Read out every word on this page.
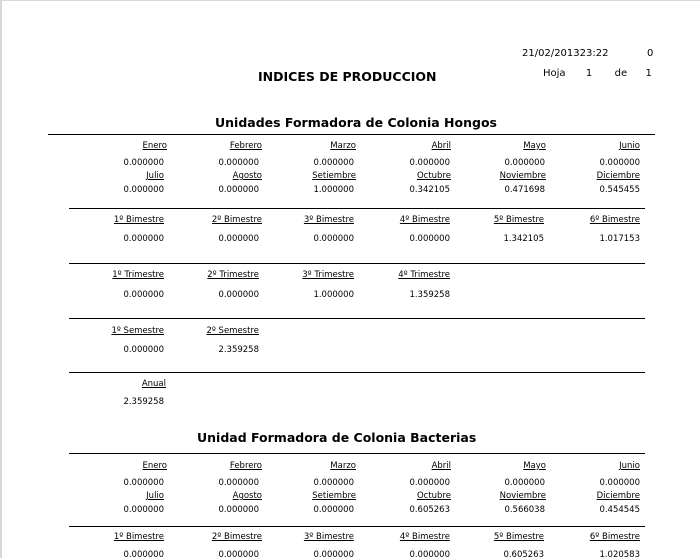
21/02/201323:22	0
INDICES DE PRODUCCION	Hoja 1 de 1
Unidades Formadora de Colonia Hongos
Enero	Febrero	Marzo	Abril	Mayo	Junio
0.000000	0.000000	0.000000	0.000000	0.000000	0.000000
Julio	Agosto	Setiembre	Octubre	Noviembre	Diciembre
0.000000	0.000000	1.000000	0.342105	0.471698	0.545455
1º Bimestre	2º Bimestre	3º Bimestre	4º Bimestre	5º Bimestre	6º Bimestre
0.000000	0.000000	0.000000	0.000000	1.342105	1.017153
1º Trimestre	2º Trimestre	3º Trimestre	4º Trimestre
0.000000	0.000000	1.000000	1.359258
1º Semestre	2º Semestre
0.000000	2.359258
Anual
2.359258
Unidad Formadora de Colonia Bacterias
Enero	Febrero	Marzo	Abril	Mayo	Junio
0.000000	0.000000	0.000000	0.000000	0.000000	0.000000
Julio	Agosto	Setiembre	Octubre	Noviembre	Diciembre
0.000000	0.000000	0.000000	0.605263	0.566038	0.454545
1º Bimestre	2º Bimestre	3º Bimestre	4º Bimestre	5º Bimestre	6º Bimestre
0.000000	0.000000	0.000000	0.000000	0.605263	1.020583
